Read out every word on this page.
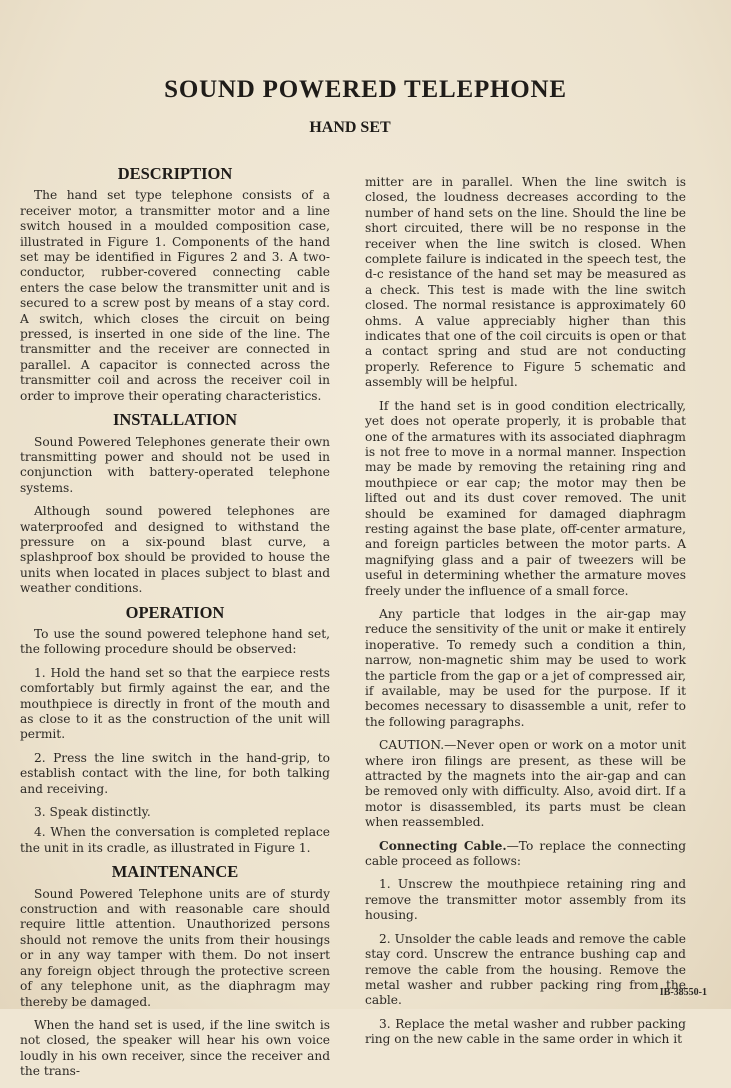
SOUND POWERED TELEPHONE
HAND SET
DESCRIPTION

The hand set type telephone consists of a receiver motor, a transmitter motor and a line switch housed in a moulded composition case, illustrated in Figure 1. Components of the hand set may be identified in Figures 2 and 3. A two-conductor, rubber-covered connecting cable enters the case below the transmitter unit and is secured to a screw post by means of a stay cord. A switch, which closes the circuit on being pressed, is inserted in one side of the line. The transmitter and the receiver are connected in parallel. A capacitor is connected across the transmitter coil and across the receiver coil in order to improve their operating characteristics.

INSTALLATION

Sound Powered Telephones generate their own transmitting power and should not be used in conjunction with battery-operated telephone systems.

Although sound powered telephones are waterproofed and designed to withstand the pressure on a six-pound blast curve, a splashproof box should be provided to house the units when located in places subject to blast and weather conditions.

OPERATION

To use the sound powered telephone hand set, the following procedure should be observed:

1. Hold the hand set so that the earpiece rests comfortably but firmly against the ear, and the mouthpiece is directly in front of the mouth and as close to it as the construction of the unit will permit.

2. Press the line switch in the hand-grip, to establish contact with the line, for both talking and receiving.

3. Speak distinctly.

4. When the conversation is completed replace the unit in its cradle, as illustrated in Figure 1.

MAINTENANCE

Sound Powered Telephone units are of sturdy construction and with reasonable care should require little attention. Unauthorized persons should not remove the units from their housings or in any way tamper with them. Do not insert any foreign object through the protective screen of any telephone unit, as the diaphragm may thereby be damaged.

When the hand set is used, if the line switch is not closed, the speaker will hear his own voice loudly in his own receiver, since the receiver and the trans-

mitter are in parallel. When the line switch is closed, the loudness decreases according to the number of hand sets on the line. Should the line be short circuited, there will be no response in the receiver when the line switch is closed. When complete failure is indicated in the speech test, the d-c resistance of the hand set may be measured as a check. This test is made with the line switch closed. The normal resistance is approximately 60 ohms. A value appreciably higher than this indicates that one of the coil circuits is open or that a contact spring and stud are not conducting properly. Reference to Figure 5 schematic and assembly will be helpful.

If the hand set is in good condition electrically, yet does not operate properly, it is probable that one of the armatures with its associated diaphragm is not free to move in a normal manner. Inspection may be made by removing the retaining ring and mouthpiece or ear cap; the motor may then be lifted out and its dust cover removed. The unit should be examined for damaged diaphragm resting against the base plate, off-center armature, and foreign particles between the motor parts. A magnifying glass and a pair of tweezers will be useful in determining whether the armature moves freely under the influence of a small force.

Any particle that lodges in the air-gap may reduce the sensitivity of the unit or make it entirely inoperative. To remedy such a condition a thin, narrow, non-magnetic shim may be used to work the particle from the gap or a jet of compressed air, if available, may be used for the purpose. If it becomes necessary to disassemble a unit, refer to the following paragraphs.

CAUTION.—Never open or work on a motor unit where iron filings are present, as these will be attracted by the magnets into the air-gap and can be removed only with difficulty. Also, avoid dirt. If a motor is disassembled, its parts must be clean when reassembled.

Connecting Cable.—To replace the connecting cable proceed as follows:

1. Unscrew the mouthpiece retaining ring and remove the transmitter motor assembly from its housing.

2. Unsolder the cable leads and remove the cable stay cord. Unscrew the entrance bushing cap and remove the cable from the housing. Remove the metal washer and rubber packing ring from the cable.

3. Replace the metal washer and rubber packing ring on the new cable in the same order in which it

IB-38550-1
